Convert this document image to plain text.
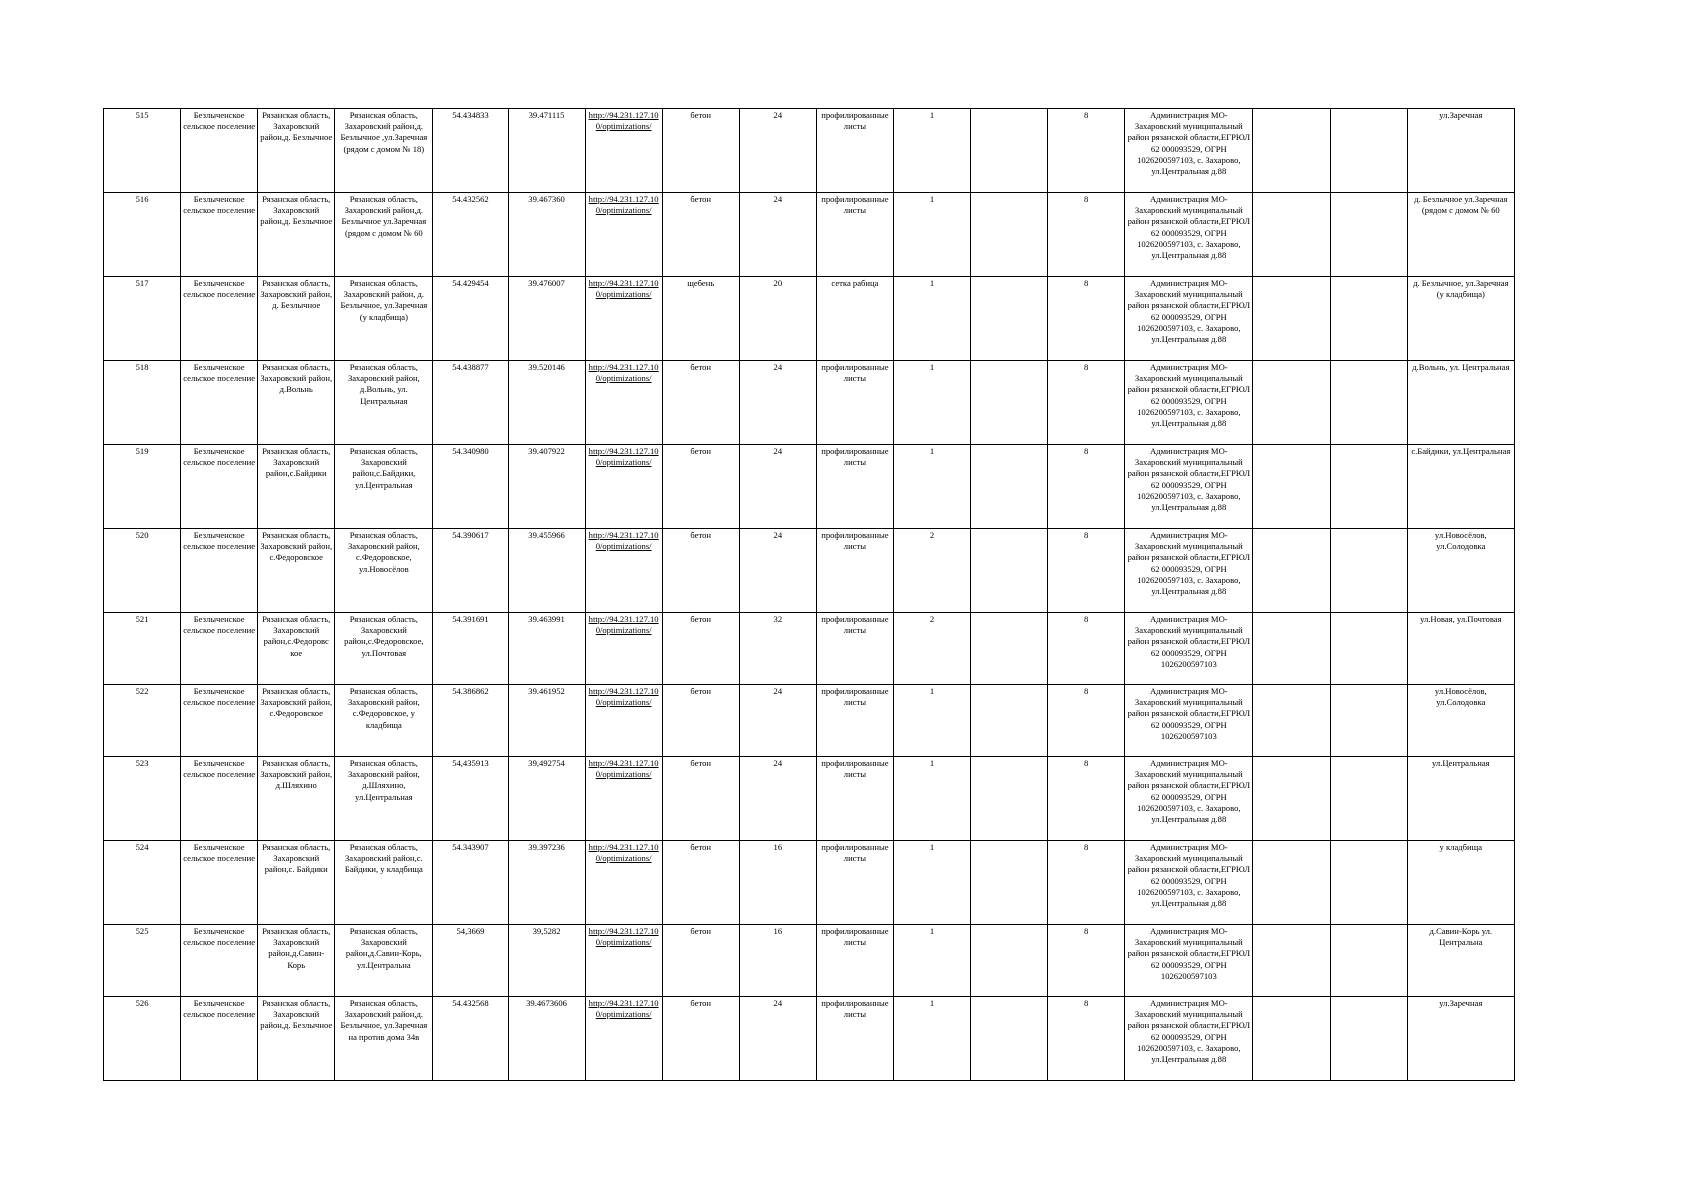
515	Безлыченское сельское поселение	Рязанская область, Захаровский район,д. Безлычное	Рязанская область, Захаровский район,д. Безлычное ,ул.Заречная (рядом с домом № 18)	54.434833	39.471115	http://94.231.127.10 0/optimizations/	бетон	24	профилированные листы	1		8	Администрация МО-Захаровский муниципальный район рязанской области,ЕГРЮЛ 62 000093529, ОГРН 1026200597103, с. Захарово, ул.Центральная д.88			ул.Заречная
516	Безлыченское сельское поселение	Рязанская область, Захаровский район,д. Безлычное	Рязанская область, Захаровский район,д. Безлычное ул.Заречная (рядом с домом № 60	54.432562	39.467360	http://94.231.127.10 0/optimizations/	бетон	24	профилированные листы	1		8	Администрация МО-Захаровский муниципальный район рязанской области,ЕГРЮЛ 62 000093529, ОГРН 1026200597103, с. Захарово, ул.Центральная д.88			д. Безлычное ул.Заречная (рядом с домом № 60
517	Безлыченское сельское поселение	Рязанская область, Захаровский район, д. Безлычное	Рязанская область, Захаровский район, д. Безлычное, ул.Заречная (у кладбища)	54.429454	39.476007	http://94.231.127.10 0/optimizations/	щебень	20	сетка рабица	1		8	Администрация МО-Захаровский муниципальный район рязанской области,ЕГРЮЛ 62 000093529, ОГРН 1026200597103, с. Захарово, ул.Центральная д.88			д. Безлычное, ул.Заречная (у кладбища)
518	Безлыченское сельское поселение	Рязанская область, Захаровский район, д.Вольнь	Рязанская область, Захаровский район, д.Вольнь, ул. Центральная	54.438877	39.520146	http://94.231.127.10 0/optimizations/	бетон	24	профилированные листы	1		8	Администрация МО-Захаровский муниципальный район рязанской области,ЕГРЮЛ 62 000093529, ОГРН 1026200597103, с. Захарово, ул.Центральная д.88			д.Вольнь, ул. Центральная
519	Безлыченское сельское поселение	Рязанская область, Захаровский район,с.Байдики	Рязанская область, Захаровский район,с.Байдики, ул.Центральная	54.340980	39.407922	http://94.231.127.10 0/optimizations/	бетон	24	профилированные листы	1		8	Администрация МО-Захаровский муниципальный район рязанской области,ЕГРЮЛ 62 000093529, ОГРН 1026200597103, с. Захарово, ул.Центральная д.88			с.Байдики, ул.Центральная
520	Безлыченское сельское поселение	Рязанская область, Захаровский район, с.Федоровское	Рязанская область, Захаровский район, с.Федоровское, ул.Новосёлов	54.390617	39.455966	http://94.231.127.10 0/optimizations/	бетон	24	профилированные листы	2		8	Администрация МО-Захаровский муниципальный район рязанской области,ЕГРЮЛ 62 000093529, ОГРН 1026200597103, с. Захарово, ул.Центральная д.88			ул.Новосёлов, ул.Солодовка
521	Безлыченское сельское поселение	Рязанская область, Захаровский район,с.Федоровс кое	Рязанская область, Захаровский район,с.Федоровское, ул.Почтовая	54.391691	39.463991	http://94.231.127.10 0/optimizations/	бетон	32	профилированные листы	2		8	Администрация МО-Захаровский муниципальный район рязанской области,ЕГРЮЛ 62 000093529, ОГРН 1026200597103			ул.Новая, ул.Почтовая
522	Безлыченское сельское поселение	Рязанская область, Захаровский район, с.Федоровское	Рязанская область, Захаровский район, с.Федоровское, у кладбища	54.386862	39.461952	http://94.231.127.10 0/optimizations/	бетон	24	профилированные листы	1		8	Администрация МО-Захаровский муниципальный район рязанской области,ЕГРЮЛ 62 000093529, ОГРН 1026200597103			ул.Новосёлов, ул.Солодовка
523	Безлыченское сельское поселение	Рязанская область, Захаровский район, д.Шляхино	Рязанская область, Захаровский район, д.Шляхино, ул.Центральная	54,435913	39,492754	http://94.231.127.10 0/optimizations/	бетон	24	профилированные листы	1		8	Администрация МО-Захаровский муниципальный район рязанской области,ЕГРЮЛ 62 000093529, ОГРН 1026200597103, с. Захарово, ул.Центральная д.88			ул.Центральная
524	Безлыченское сельское поселение	Рязанская область, Захаровский район,с. Байдики	Рязанская область, Захаровский район,с. Байдики, у кладбища	54.343907	39.397236	http://94.231.127.10 0/optimizations/	бетон	16	профилированные листы	1		8	Администрация МО-Захаровский муниципальный район рязанской области,ЕГРЮЛ 62 000093529, ОГРН 1026200597103, с. Захарово, ул.Центральная д.88			у кладбища
525	Безлыченское сельское поселение	Рязанская область, Захаровский район,д.Савин-Корь	Рязанская область, Захаровский район,д.Савин-Корь, ул.Центральна	54,3669	39,5282	http://94.231.127.10 0/optimizations/	бетон	16	профилированные листы	1		8	Администрация МО-Захаровский муниципальный район рязанской области,ЕГРЮЛ 62 000093529, ОГРН 1026200597103			д.Савин-Корь ул. Центральна
526	Безлыченское сельское поселение	Рязанская область, Захаровский район,д. Безлычное	Рязанская область, Захаровский район,д. Безлычное, ул.Заречная на против дома 34в	54.432568	39.4673606	http://94.231.127.10 0/optimizations/	бетон	24	профилированные листы	1		8	Администрация МО-Захаровский муниципальный район рязанской области,ЕГРЮЛ 62 000093529, ОГРН 1026200597103, с. Захарово, ул.Центральная д.88			ул.Заречная
